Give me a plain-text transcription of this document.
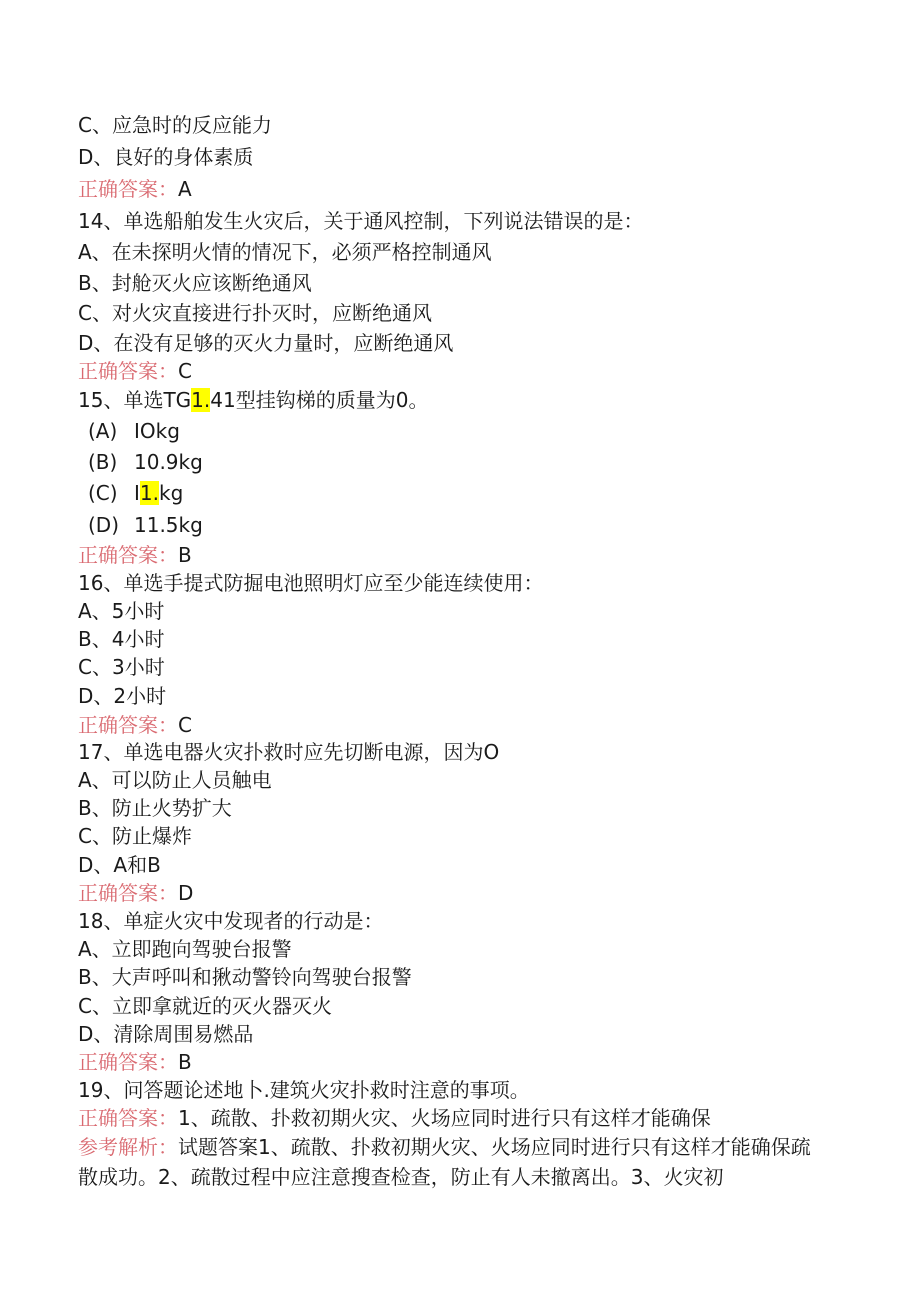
C、应急时的反应能力

D、良好的身体素质

正确答案：A

14、单选船舶发生火灾后，关于通风控制，下列说法错误的是：

A、在未探明火情的情况下，必须严格控制通风

B、封舱灭火应该断绝通风

C、对火灾直接进行扑灭时，应断绝通风

D、在没有足够的灭火力量时，应断绝通风

正确答案：C

15、单选TG1.41型挂钩梯的质量为0。

(A) IOkg

(B) 10.9kg

(C) I1.kg

(D) 11.5kg

正确答案：B

16、单选手提式防掘电池照明灯应至少能连续使用：

A、5小时

B、4小时

C、3小时

D、2小时

正确答案：C

17、单选电器火灾扑救时应先切断电源，因为O

A、可以防止人员触电

B、防止火势扩大

C、防止爆炸

D、A和B

正确答案：D

18、单症火灾中发现者的行动是：

A、立即跑向驾驶台报警

B、大声呼叫和揪动警铃向驾驶台报警

C、立即拿就近的灭火器灭火

D、清除周围易燃品

正确答案：B

19、问答题论述地卜.建筑火灾扑救时注意的事项。

正确答案：1、疏散、扑救初期火灾、火场应同时进行只有这样才能确保

参考解析：试题答案1、疏散、扑救初期火灾、火场应同时进行只有这样才能确保疏散成功。2、疏散过程中应注意搜查检查，防止有人未撤离出。3、火灾初
